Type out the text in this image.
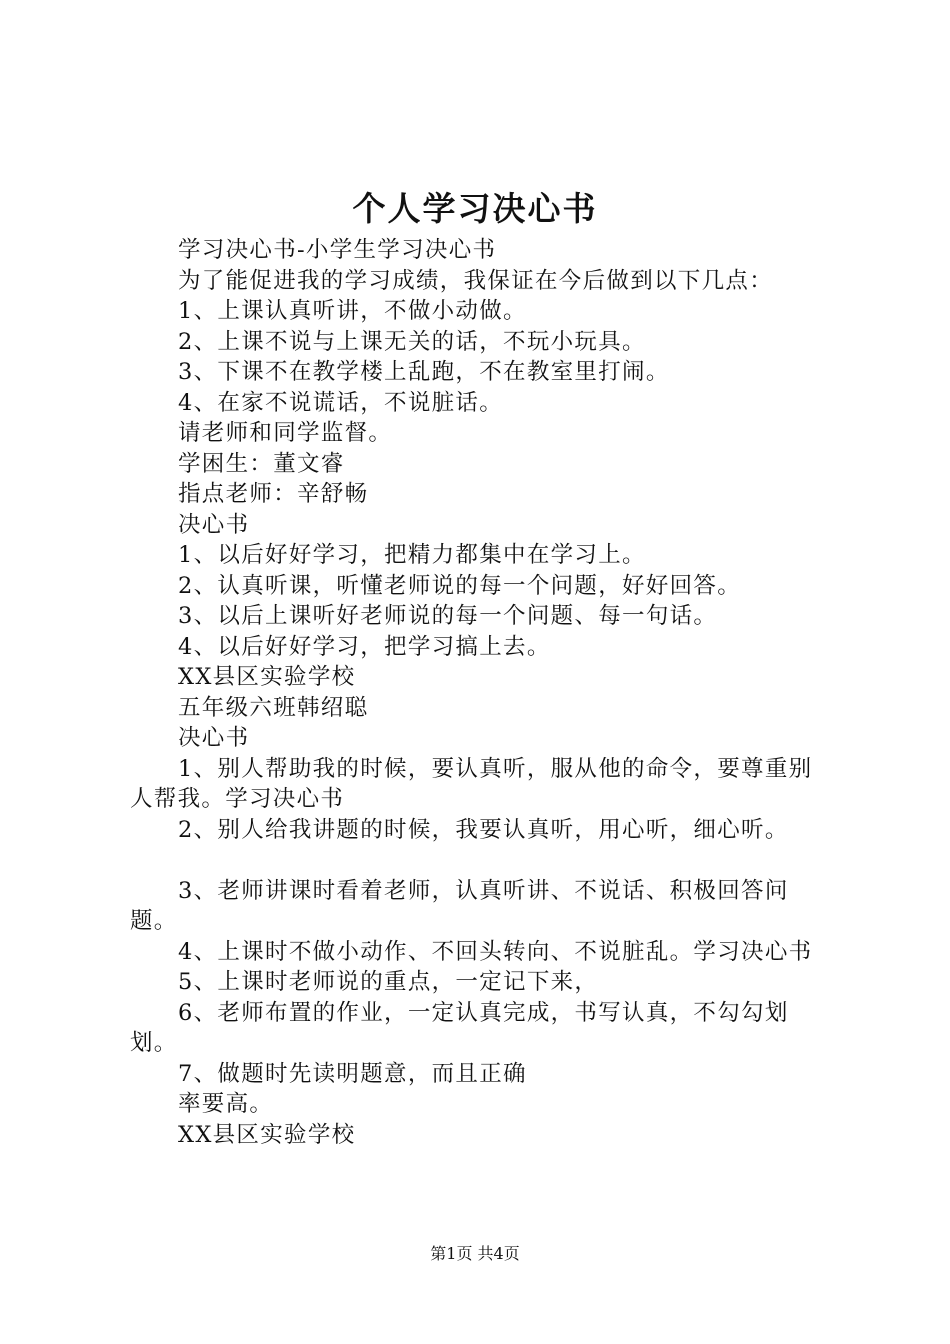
个人学习决心书

学习决心书-小学生学习决心书

为了能促进我的学习成绩，我保证在今后做到以下几点：

1、上课认真听讲，不做小动做。

2、上课不说与上课无关的话，不玩小玩具。

3、下课不在教学楼上乱跑，不在教室里打闹。

4、在家不说谎话，不说脏话。

请老师和同学监督。

学困生：董文睿

指点老师：辛舒畅

决心书

1、以后好好学习，把精力都集中在学习上。

2、认真听课，听懂老师说的每一个问题，好好回答。

3、以后上课听好老师说的每一个问题、每一句话。

4、以后好好学习，把学习搞上去。

XX县区实验学校

五年级六班韩绍聪

决心书

1、别人帮助我的时候，要认真听，服从他的命令，要尊重别人帮我。学习决心书

2、别人给我讲题的时候，我要认真听，用心听，细心听。

3、老师讲课时看着老师，认真听讲、不说话、积极回答问题。

4、上课时不做小动作、不回头转向、不说脏乱。学习决心书

5、上课时老师说的重点，一定记下来，

6、老师布置的作业，一定认真完成，书写认真，不勾勾划划。

7、做题时先读明题意，而且正确

率要高。

XX县区实验学校

第1页 共4页
